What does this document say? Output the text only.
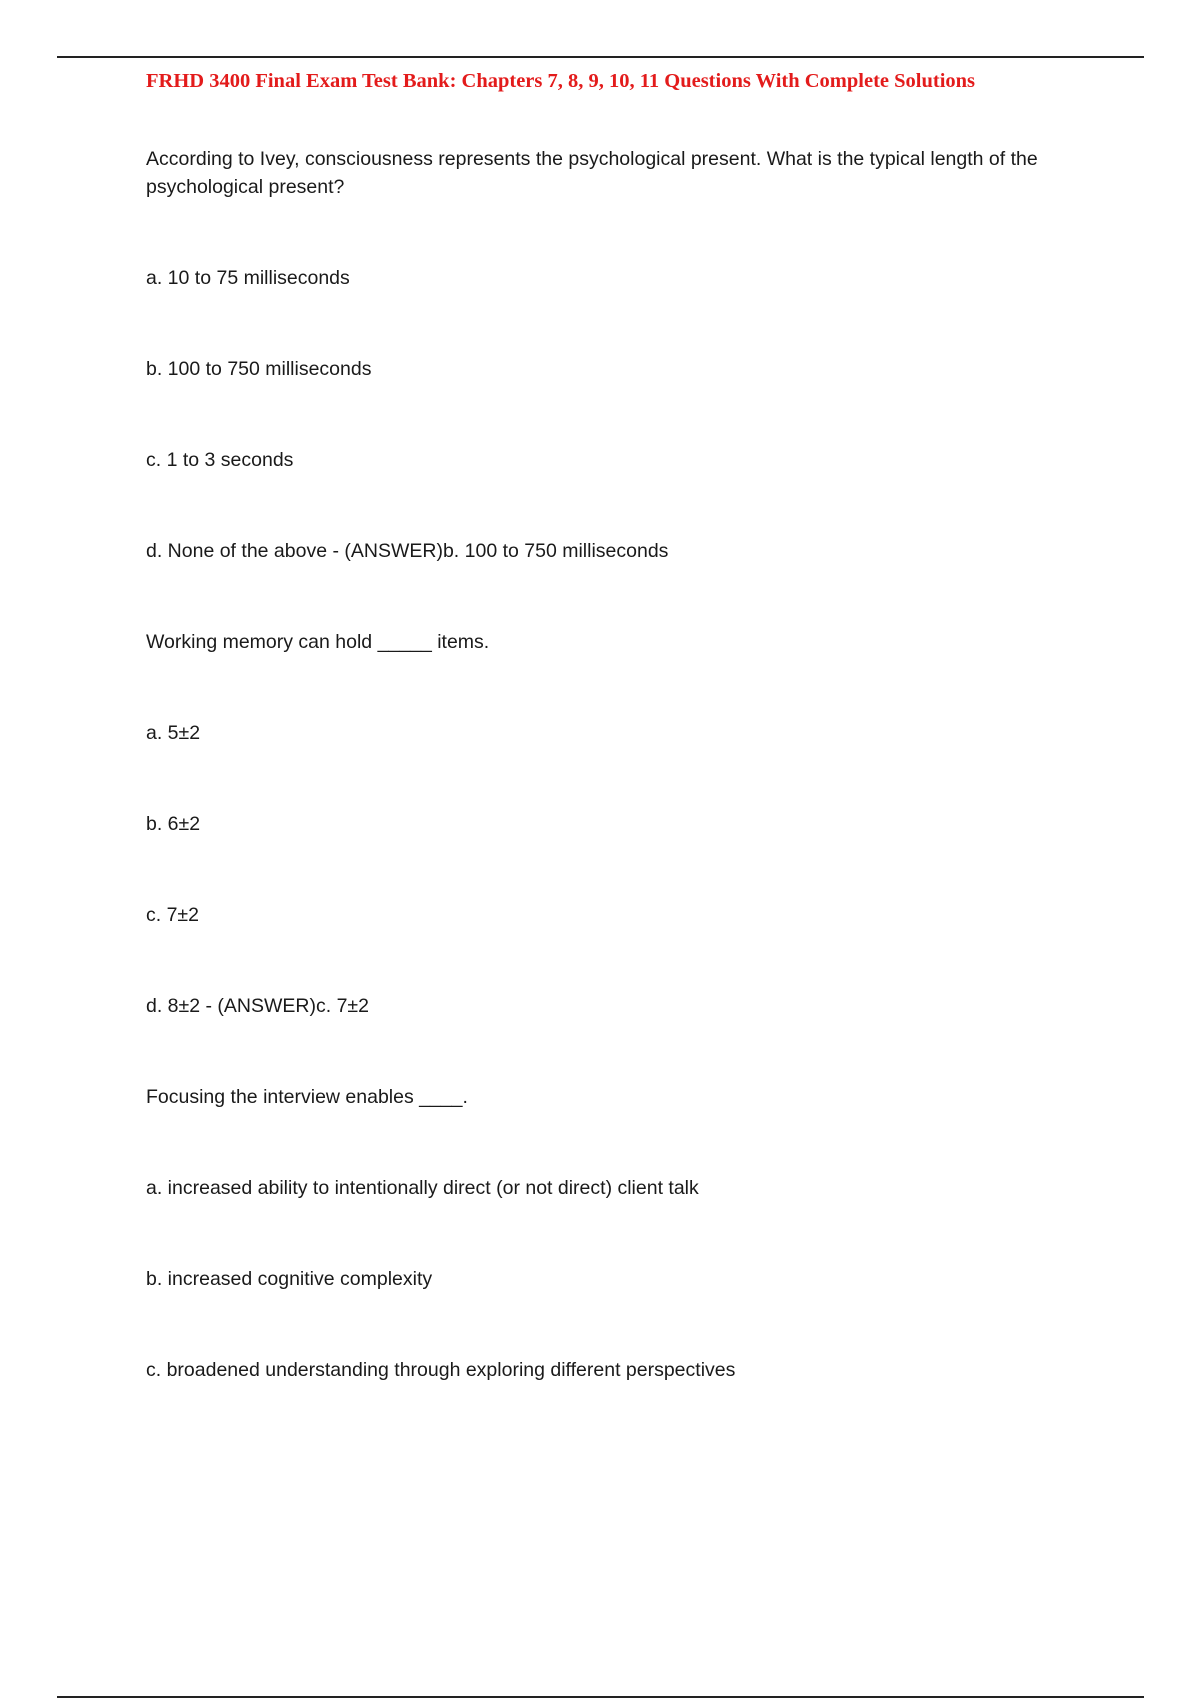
FRHD 3400 Final Exam Test Bank: Chapters 7, 8, 9, 10, 11 Questions With Complete Solutions

According to Ivey, consciousness represents the psychological present. What is the typical length of the

psychological present?

a. 10 to 75 milliseconds

b. 100 to 750 milliseconds

c. 1 to 3 seconds

d. None of the above - (ANSWER)b. 100 to 750 milliseconds

Working memory can hold _____ items.

a. 5±2

b. 6±2

c. 7±2

d. 8±2 - (ANSWER)c. 7±2

Focusing the interview enables ____.

a. increased ability to intentionally direct (or not direct) client talk

b. increased cognitive complexity

c. broadened understanding through exploring different perspectives
